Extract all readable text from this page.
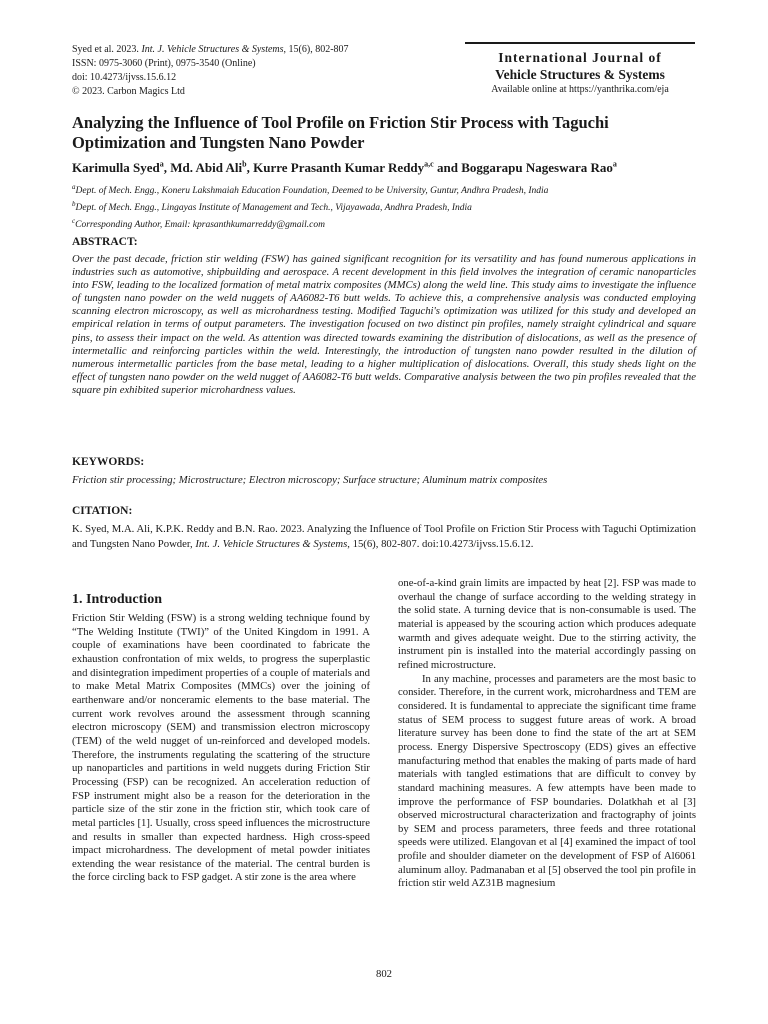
Syed et al. 2023. Int. J. Vehicle Structures & Systems, 15(6), 802-807
ISSN: 0975-3060 (Print), 0975-3540 (Online)
doi: 10.4273/ijvss.15.6.12
© 2023. Carbon Magics Ltd
International Journal of
Vehicle Structures & Systems
Available online at https://yanthrika.com/eja
Analyzing the Influence of Tool Profile on Friction Stir Process with Taguchi Optimization and Tungsten Nano Powder
Karimulla Syed$^a$, Md. Abid Ali$^b$, Kurre Prasanth Kumar Reddy$^{a,c}$ and Boggarapu Nageswara Rao$^a$
$^a$Dept. of Mech. Engg., Koneru Lakshmaiah Education Foundation, Deemed to be University, Guntur, Andhra Pradesh, India
$^b$Dept. of Mech. Engg., Lingayas Institute of Management and Tech., Vijayawada, Andhra Pradesh, India
$^c$Corresponding Author, Email: kprasanthkumarreddy@gmail.com
ABSTRACT:
Over the past decade, friction stir welding (FSW) has gained significant recognition for its versatility and has found numerous applications in industries such as automotive, shipbuilding and aerospace. A recent development in this field involves the integration of ceramic nanoparticles into FSW, leading to the localized formation of metal matrix composites (MMCs) along the weld line. This study aims to investigate the influence of tungsten nano powder on the weld nuggets of AA6082-T6 butt welds. To achieve this, a comprehensive analysis was conducted employing scanning electron microscopy, as well as microhardness testing. Modified Taguchi's optimization was utilized for this study and developed an empirical relation in terms of output parameters. The investigation focused on two distinct pin profiles, namely straight cylindrical and square pins, to assess their impact on the weld. As attention was directed towards examining the distribution of dislocations, as well as the presence of intermetallic and reinforcing particles within the weld. Interestingly, the introduction of tungsten nano powder resulted in the dilution of numerous intermetallic particles from the base metal, leading to a higher multiplication of dislocations. Overall, this study sheds light on the effect of tungsten nano powder on the weld nugget of AA6082-T6 butt welds. Comparative analysis between the two pin profiles revealed that the square pin exhibited superior microhardness values.
KEYWORDS:
Friction stir processing; Microstructure; Electron microscopy; Surface structure; Aluminum matrix composites
CITATION:
K. Syed, M.A. Ali, K.P.K. Reddy and B.N. Rao. 2023. Analyzing the Influence of Tool Profile on Friction Stir Process with Taguchi Optimization and Tungsten Nano Powder, Int. J. Vehicle Structures & Systems, 15(6), 802-807. doi:10.4273/ijvss.15.6.12.
1. Introduction

Friction Stir Welding (FSW) is a strong welding technique found by “The Welding Institute (TWI)” of the United Kingdom in 1991. A couple of examinations have been coordinated to fabricate the exhaustion confrontation of mix welds, to progress the superplastic and disintegration impediment properties of a couple of materials and to make Metal Matrix Composites (MMCs) over the joining of earthenware and/or nonceramic elements to the base material. The current work revolves around the assessment through scanning electron microscopy (SEM) and transmission electron microscopy (TEM) of the weld nugget of un-reinforced and developed models. Therefore, the instruments regulating the scattering of the structure up nanoparticles and partitions in weld nuggets during Friction Stir Processing (FSP) can be recognized. An acceleration reduction of FSP instrument might also be a reason for the deterioration in the particle size of the stir zone in the friction stir, which took care of metal particles [1]. Usually, cross speed influences the microstructure and results in smaller than expected hardness. High cross-speed impact microhardness. The development of metal powder initiates extending the wear resistance of the material. The central burden is the force circling back to FSP gadget. A stir zone is the area where

one-of-a-kind grain limits are impacted by heat [2]. FSP was made to overhaul the change of surface according to the welding strategy in the solid state. A turning device that is non-consumable is used. The material is appeased by the scouring action which produces adequate warmth and gives adequate weight. Due to the stirring activity, the instrument pin is installed into the material accordingly passing on refined microstructure.

In any machine, processes and parameters are the most basic to consider. Therefore, in the current work, microhardness and TEM are considered. It is fundamental to appreciate the significant time frame status of SEM process to suggest future areas of work. A broad literature survey has been done to find the state of the art at SEM process. Energy Dispersive Spectroscopy (EDS) gives an effective manufacturing method that enables the making of parts made of hard materials with tangled estimations that are difficult to convey by standard machining measures. A few attempts have been made to improve the performance of FSP boundaries. Dolatkhah et al [3] observed microstructural characterization and fractography of joints by SEM and process parameters, three feeds and three rotational speeds were utilized. Elangovan et al [4] examined the impact of tool profile and shoulder diameter on the development of FSP of Al6061 aluminum alloy. Padmanaban et al [5] observed the tool pin profile in friction stir weld AZ31B magnesium

802
